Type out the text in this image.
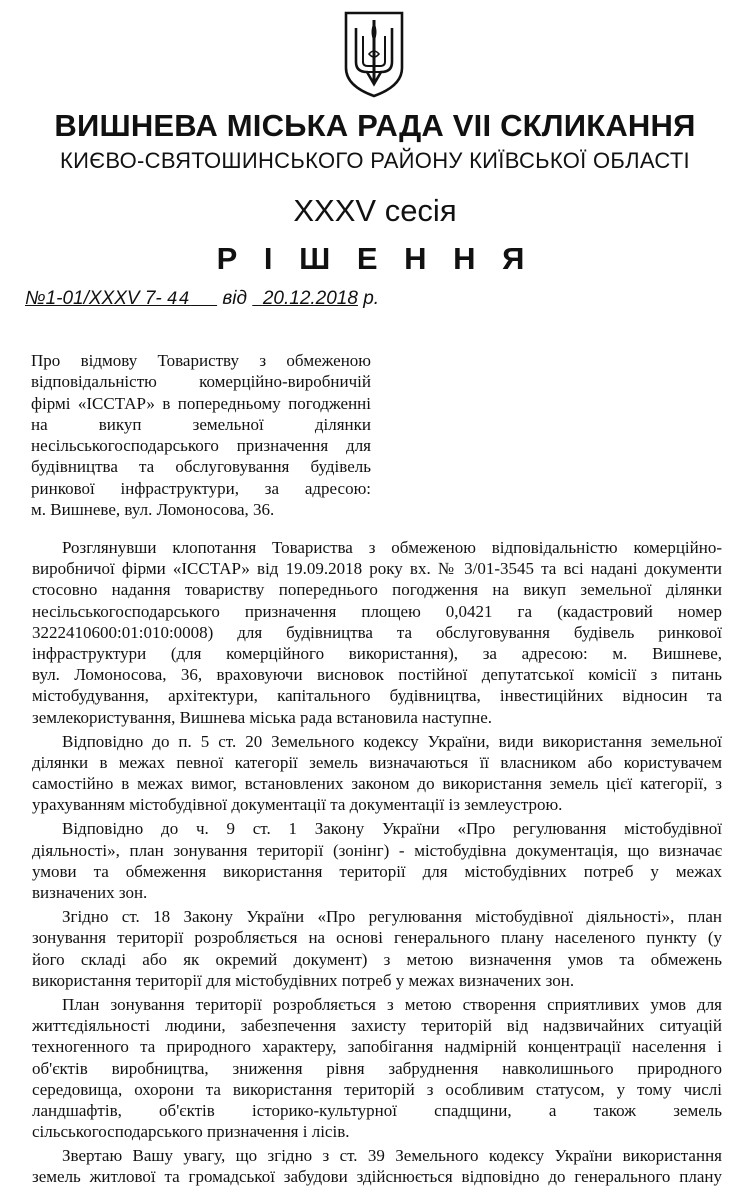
ВИШНЕВА МІСЬКА РАДА VII СКЛИКАННЯ
КИЄВО-СВЯТОШИНСЬКОГО РАЙОНУ КИЇВСЬКОЇ ОБЛАСТІ
XXXV сесія
Р І Ш Е Н Н Я
№1-01/XXXV 7- 44      від   20.12.2018 р.
Про відмову Товариству з обмеженою
відповідальністю комерційно-виробничій
фірмі «ІССТАР» в попередньому погодженні
на викуп земельної ділянки
несільськогосподарського призначення для
будівництва та обслуговування будівель
ринкової інфраструктури, за адресою:
м. Вишневе, вул. Ломоносова, 36.
Розглянувши клопотання Товариства з обмеженою відповідальністю комерційно-
виробничої фірми «ІССТАР» від 19.09.2018 року вх. № 3/01-3545 та всі надані документи
стосовно надання товариству попереднього погодження на викуп земельної ділянки
несільськогосподарського призначення площею 0,0421 га (кадастровий номер
3222410600:01:010:0008) для будівництва та обслуговування будівель ринкової
інфраструктури (для комерційного використання), за адресою: м. Вишневе,
вул. Ломоносова, 36, враховуючи висновок постійної депутатської комісії з питань
містобудування, архітектури, капітального будівництва, інвестиційних відносин та
землекористування, Вишнева міська рада встановила наступне.
Відповідно до п. 5 ст. 20 Земельного кодексу України, види використання земельної
ділянки в межах певної категорії земель визначаються її власником або користувачем
самостійно в межах вимог, встановлених законом до використання земель цієї категорії, з
урахуванням містобудівної документації та документації із землеустрою.
Відповідно до ч. 9 ст. 1 Закону України «Про регулювання містобудівної
діяльності», план зонування території (зонінг) - містобудівна документація, що визначає
умови та обмеження використання території для містобудівних потреб у межах
визначених зон.
Згідно ст. 18 Закону України «Про регулювання містобудівної діяльності», план
зонування території розробляється на основі генерального плану населеного пункту (у
його складі або як окремий документ) з метою визначення умов та обмежень
використання території для містобудівних потреб у межах визначених зон.
План зонування території розробляється з метою створення сприятливих умов для
життєдіяльності людини, забезпечення захисту територій від надзвичайних ситуацій
техногенного та природного характеру, запобігання надмірній концентрації населення і
об'єктів виробництва, зниження рівня забруднення навколишнього природного
середовища, охорони та використання територій з особливим статусом, у тому числі
ландшафтів, об'єктів історико-культурної спадщини, а також земель
сільськогосподарського призначення і лісів.
Звертаю Вашу увагу, що згідно з ст. 39 Земельного кодексу України використання
земель житлової та громадської забудови здійснюється відповідно до генерального плану
